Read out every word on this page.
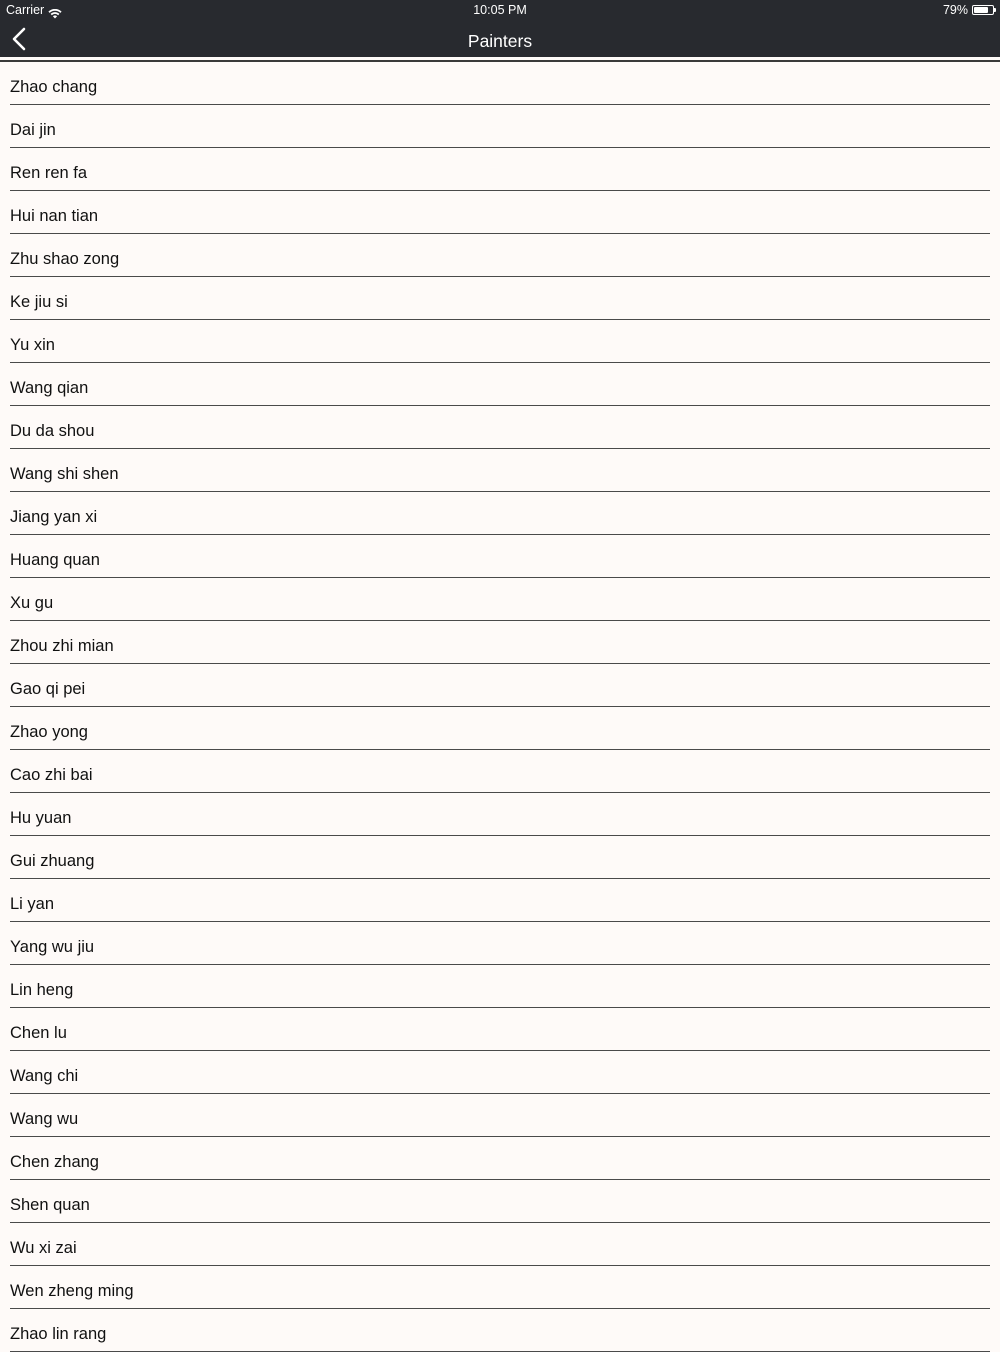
Carrier	10:05 PM	79%
Painters
Zhao chang
Dai jin
Ren ren fa
Hui nan tian
Zhu shao zong
Ke jiu si
Yu xin
Wang qian
Du da shou
Wang shi shen
Jiang yan xi
Huang quan
Xu gu
Zhou zhi mian
Gao qi pei
Zhao yong
Cao zhi bai
Hu yuan
Gui zhuang
Li yan
Yang wu jiu
Lin heng
Chen lu
Wang chi
Wang wu
Chen zhang
Shen quan
Wu xi zai
Wen zheng ming
Zhao lin rang
